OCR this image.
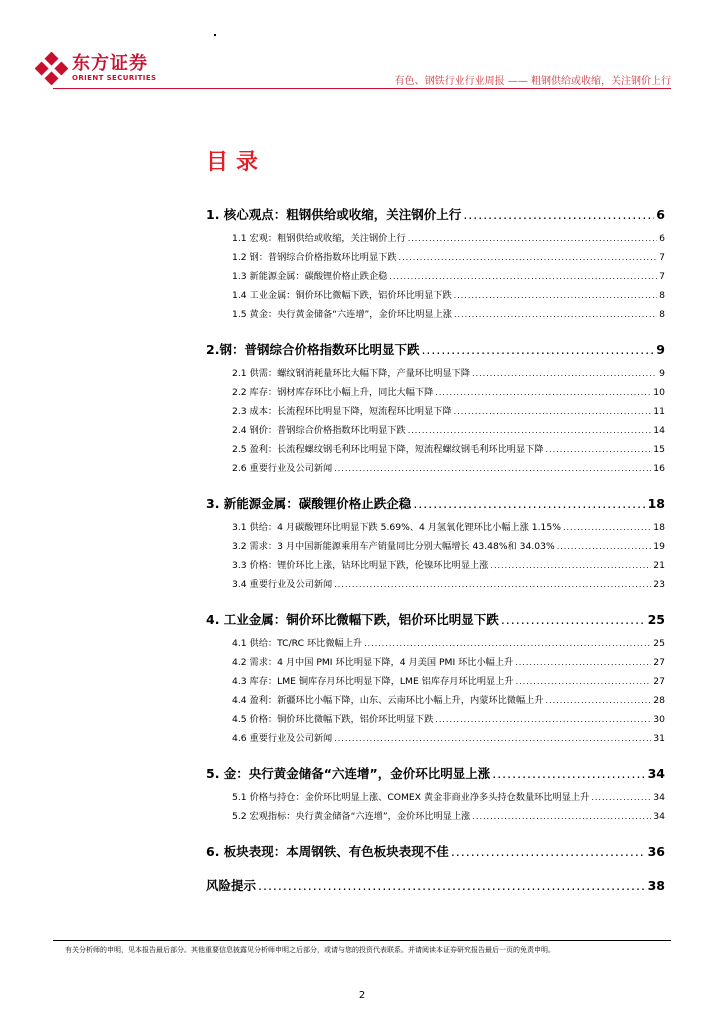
东方证券
ORIENT SECURITIES	有色、钢铁行业行业周报 —— 粗钢供给或收缩，关注钢价上行
目录
1. 核心观点：粗钢供给或收缩，关注钢价上行 .....	6
1.1 宏观：粗钢供给或收缩，关注钢价上行 .....	6
1.2 钢：普钢综合价格指数环比明显下跌 .....	7
1.3 新能源金属：碳酸锂价格止跌企稳 .....	7
1.4 工业金属：铜价环比微幅下跌，铝价环比明显下跌 .....	8
1.5 黄金：央行黄金储备“六连增”，金价环比明显上涨 .....	8
2.钢：普钢综合价格指数环比明显下跌 .....	9
2.1 供需：螺纹钢消耗量环比大幅下降，产量环比明显下降 .....	9
2.2 库存：钢材库存环比小幅上升，同比大幅下降 .....	10
2.3 成本：长流程环比明显下降，短流程环比明显下降 .....	11
2.4 钢价：普钢综合价格指数环比明显下跌 .....	14
2.5 盈利：长流程螺纹钢毛利环比明显下降，短流程螺纹钢毛利环比明显下降 .....	15
2.6 重要行业及公司新闻 .....	16
3. 新能源金属：碳酸锂价格止跌企稳 .....	18
3.1 供给：4 月碳酸锂环比明显下跌 5.69%、4 月氢氧化锂环比小幅上涨 1.15% .....	18
3.2 需求：3 月中国新能源乘用车产销量同比分别大幅增长 43.48%和 34.03% .....	19
3.3 价格：锂价环比上涨，钴环比明显下跌，伦镍环比明显上涨 .....	21
3.4 重要行业及公司新闻 .....	23
4. 工业金属：铜价环比微幅下跌，铝价环比明显下跌 .....	25
4.1 供给：TC/RC 环比微幅上升 .....	25
4.2 需求：4 月中国 PMI 环比明显下降，4 月美国 PMI 环比小幅上升 .....	27
4.3 库存：LME 铜库存月环比明显下降，LME 铝库存月环比明显上升 .....	27
4.4 盈利：新疆环比小幅下降，山东、云南环比小幅上升，内蒙环比微幅上升 .....	28
4.5 价格：铜价环比微幅下跌，铝价环比明显下跌 .....	30
4.6 重要行业及公司新闻 .....	31
5. 金：央行黄金储备“六连增”，金价环比明显上涨 .....	34
5.1 价格与持仓：金价环比明显上涨、COMEX 黄金非商业净多头持仓数量环比明显上升 .....	34
5.2 宏观指标：央行黄金储备“六连增”，金价环比明显上涨 .....	34
6. 板块表现：本周钢铁、有色板块表现不佳 .....	36
风险提示 .....	38
有关分析师的申明，见本报告最后部分。其他重要信息披露见分析师申明之后部分，或请与您的投资代表联系。并请阅读本证券研究报告最后一页的免责申明。
2
